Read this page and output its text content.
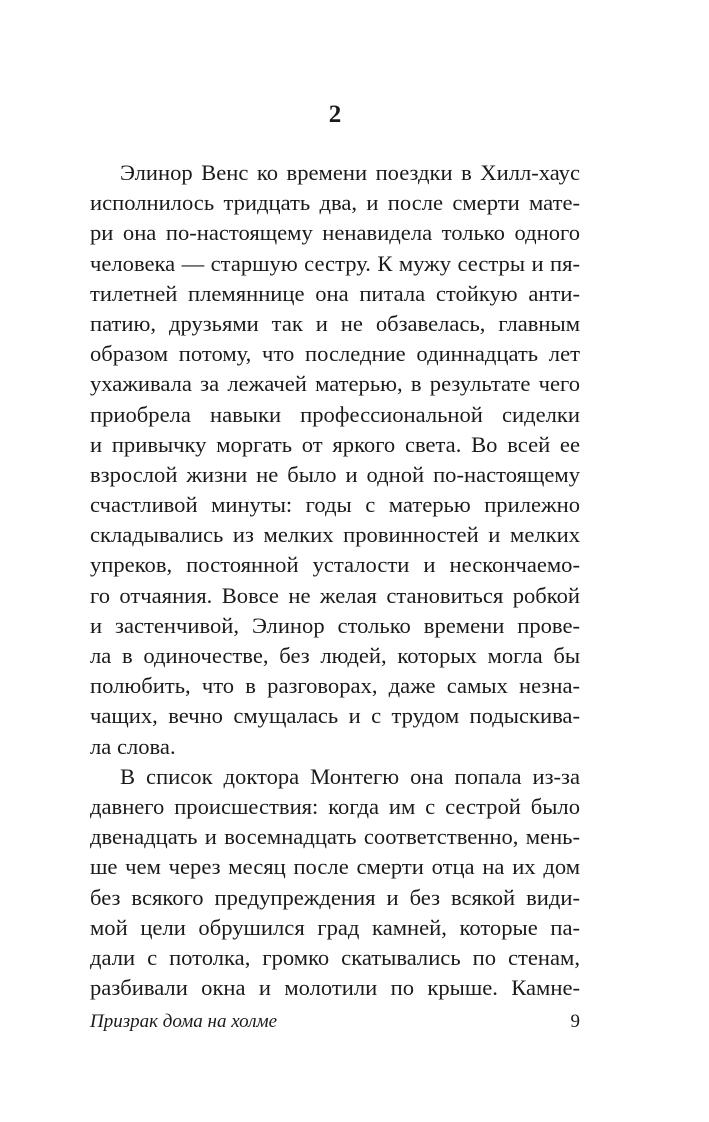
2
Элинор Венс ко времени поездки в Хилл-хаус
исполнилось тридцать два, и после смерти мате-
ри она по-настоящему ненавидела только одного
человека — старшую сестру. К мужу сестры и пя-
тилетней племяннице она питала стойкую анти-
патию, друзьями так и не обзавелась, главным
образом потому, что последние одиннадцать лет
ухаживала за лежачей матерью, в результате чего
приобрела навыки профессиональной сиделки
и привычку моргать от яркого света. Во всей ее
взрослой жизни не было и одной по-настоящему
счастливой минуты: годы с матерью прилежно
складывались из мелких провинностей и мелких
упреков, постоянной усталости и нескончаемо-
го отчаяния. Вовсе не желая становиться робкой
и застенчивой, Элинор столько времени прове-
ла в одиночестве, без людей, которых могла бы
полюбить, что в разговорах, даже самых незна-
чащих, вечно смущалась и с трудом подыскива-
ла слова.
В список доктора Монтегю она попала из-за
давнего происшествия: когда им с сестрой было
двенадцать и восемнадцать соответственно, мень-
ше чем через месяц после смерти отца на их дом
без всякого предупреждения и без всякой види-
мой цели обрушился град камней, которые па-
дали с потолка, громко скатывались по стенам,
разбивали окна и молотили по крыше. Камне-
Призрак дома на холме	9
